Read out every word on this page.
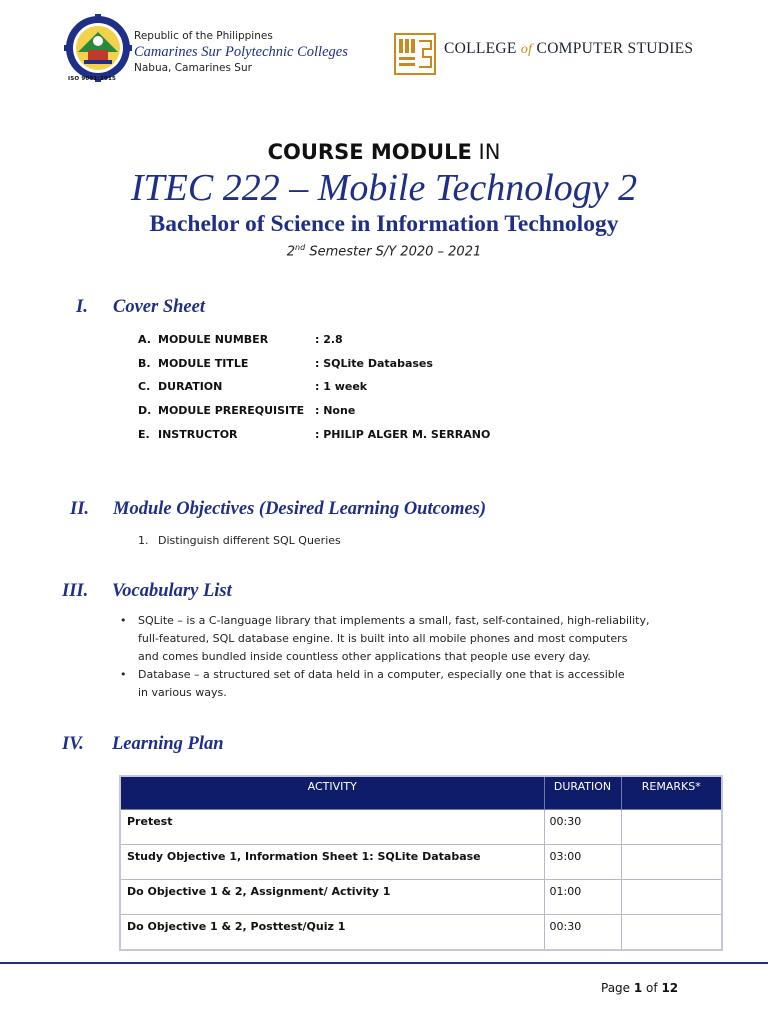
ISO 9001:2015
Republic of the Philippines
Camarines Sur Polytechnic Colleges
Nabua, Camarines Sur
COLLEGE of COMPUTER STUDIES
COURSE MODULE IN
ITEC 222 – Mobile Technology 2
Bachelor of Science in Information Technology
2nd Semester S/Y 2020 – 2021
I. Cover Sheet
A. MODULE NUMBER	: 2.8
B. MODULE TITLE	: SQLite Databases
C. DURATION	: 1 week
D. MODULE PREREQUISITE : None
E. INSTRUCTOR	: PHILIP ALGER M. SERRANO
II. Module Objectives (Desired Learning Outcomes)
1. Distinguish different SQL Queries
III. Vocabulary List
• SQLite – is a C-language library that implements a small, fast, self-contained, high-reliability,
full-featured, SQL database engine. It is built into all mobile phones and most computers
and comes bundled inside countless other applications that people use every day.
• Database – a structured set of data held in a computer, especially one that is accessible
in various ways.
IV. Learning Plan
ACTIVITY	DURATION	REMARKS*
Pretest	00:30	
Study Objective 1, Information Sheet 1: SQLite Database	03:00	
Do Objective 1 & 2, Assignment/ Activity 1	01:00	
Do Objective 1 & 2, Posttest/Quiz 1	00:30	
Page 1 of 12
